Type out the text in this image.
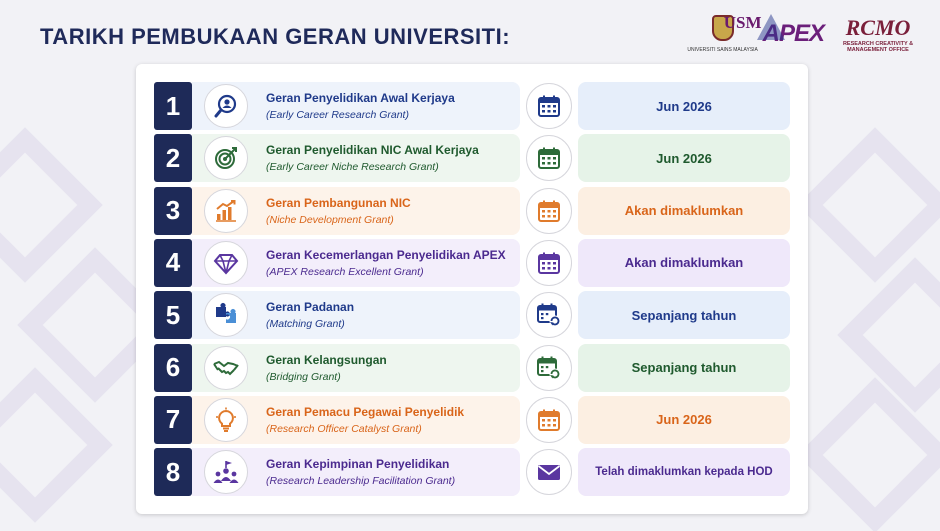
TARIKH PEMBUKAAN GERAN UNIVERSITI:
USM
UNIVERSITI SAINS MALAYSIA
APEX RCMO
RESEARCH CREATIVITY & MANAGEMENT OFFICE
1	Geran Penyelidikan Awal Kerjaya
(Early Career Research Grant)
Jun 2026
2	Geran Penyelidikan NIC Awal Kerjaya
(Early Career Niche Research Grant)
Jun 2026
3	Geran Pembangunan NIC
(Niche Development Grant)
Akan dimaklumkan
4	Geran Kecemerlangan Penyelidikan APEX
(APEX Research Excellent Grant)
Akan dimaklumkan
5	Geran Padanan
(Matching Grant)
Sepanjang tahun
6	Geran Kelangsungan
(Bridging Grant)
Sepanjang tahun
7	Geran Pemacu Pegawai Penyelidik
(Research Officer Catalyst Grant)
Jun 2026
8	Geran Kepimpinan Penyelidikan
(Research Leadership Facilitation Grant)
Telah dimaklumkan kepada HOD
